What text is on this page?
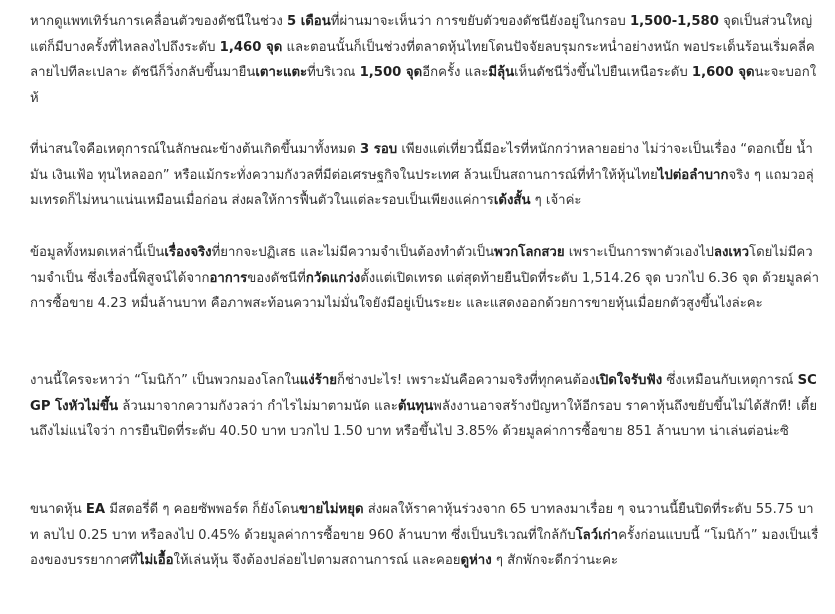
หากดูแพทเทิร์นการเคลื่อนตัวของดัชนีในช่วง 5 เดือนที่ผ่านมาจะเห็นว่า การขยับตัวของดัชนียังอยู่ในกรอบ 1,500-1,580 จุดเป็นส่วนใหญ่ แต่ก็มีบางครั้งที่ไหลลงไปถึงระดับ 1,460 จุด และตอนนั้นก็เป็นช่วงที่ตลาดหุ้นไทยโดนปัจจัยลบรุมกระหน่ำอย่างหนัก พอประเด็นร้อนเริ่มคลี่คลายไปทีละเปลาะ ดัชนีก็วิ่งกลับขึ้นมายืนเตาะแตะที่บริเวณ 1,500 จุดอีกครั้ง และมีลุ้นเห็นดัชนีวิ่งขึ้นไปยืนเหนือระดับ 1,600 จุดนะจะบอกให้

ที่น่าสนใจคือเหตุการณ์ในลักษณะข้างต้นเกิดขึ้นมาทั้งหมด 3 รอบ เพียงแต่เที่ยวนี้มีอะไรที่หนักกว่าหลายอย่าง ไม่ว่าจะเป็นเรื่อง “ดอกเบี้ย น้ำมัน เงินเฟ้อ ทุนไหลออก” หรือแม้กระทั่งความกังวลที่มีต่อเศรษฐกิจในประเทศ ล้วนเป็นสถานการณ์ที่ทำให้หุ้นไทยไปต่อลำบากจริง ๆ แถมวอลุ่มเทรดก็ไม่หนาแน่นเหมือนเมื่อก่อน ส่งผลให้การฟื้นตัวในแต่ละรอบเป็นเพียงแค่การเด้งสั้น ๆ เจ้าค่ะ

ข้อมูลทั้งหมดเหล่านี้เป็นเรื่องจริงที่ยากจะปฏิเสธ และไม่มีความจำเป็นต้องทำตัวเป็นพวกโลกสวย เพราะเป็นการพาตัวเองไปลงเหวโดยไม่มีความจำเป็น ซึ่งเรื่องนี้พิสูจน์ได้จากอาการของดัชนีที่กวัดแกว่งตั้งแต่เปิดเทรด แต่สุดท้ายยืนปิดที่ระดับ 1,514.26 จุด บวกไป 6.36 จุด ด้วยมูลค่าการซื้อขาย 4.23 หมื่นล้านบาท คือภาพสะท้อนความไม่มั่นใจยังมีอยู่เป็นระยะ และแสดงออกด้วยการขายหุ้นเมื่อยกตัวสูงขึ้นไงล่ะคะ

งานนี้ใครจะหาว่า “โมนิก้า” เป็นพวกมองโลกในแง่ร้ายก็ช่างปะไร! เพราะมันคือความจริงที่ทุกคนต้องเปิดใจรับฟัง ซึ่งเหมือนกับเหตุการณ์ SCGP โงหัวไม่ขึ้น ล้วนมาจากความกังวลว่า กำไรไม่มาตามนัด และต้นทุนพลังงานอาจสร้างปัญหาให้อีกรอบ ราคาหุ้นถึงขยับขึ้นไม่ได้สักที! เตี้ยนถึงไม่แน่ใจว่า การยืนปิดที่ระดับ 40.50 บาท บวกไป 1.50 บาท หรือขึ้นไป 3.85% ด้วยมูลค่าการซื้อขาย 851 ล้านบาท น่าเล่นต่อน่ะซิ

ขนาดหุ้น EA มีสตอรี่ดี ๆ คอยซัพพอร์ต ก็ยังโดนขายไม่หยุด ส่งผลให้ราคาหุ้นร่วงจาก 65 บาทลงมาเรื่อย ๆ จนวานนี้ยืนปิดที่ระดับ 55.75 บาท ลบไป 0.25 บาท หรือลงไป 0.45% ด้วยมูลค่าการซื้อขาย 960 ล้านบาท ซึ่งเป็นบริเวณที่ใกล้กับโลว์เก่าครั้งก่อนแบบนี้ “โมนิก้า” มองเป็นเรื่องของบรรยากาศที่ไม่เอื้อให้เล่นหุ้น จึงต้องปล่อยไปตามสถานการณ์ และคอยดูห่าง ๆ สักพักจะดีกว่านะคะ
